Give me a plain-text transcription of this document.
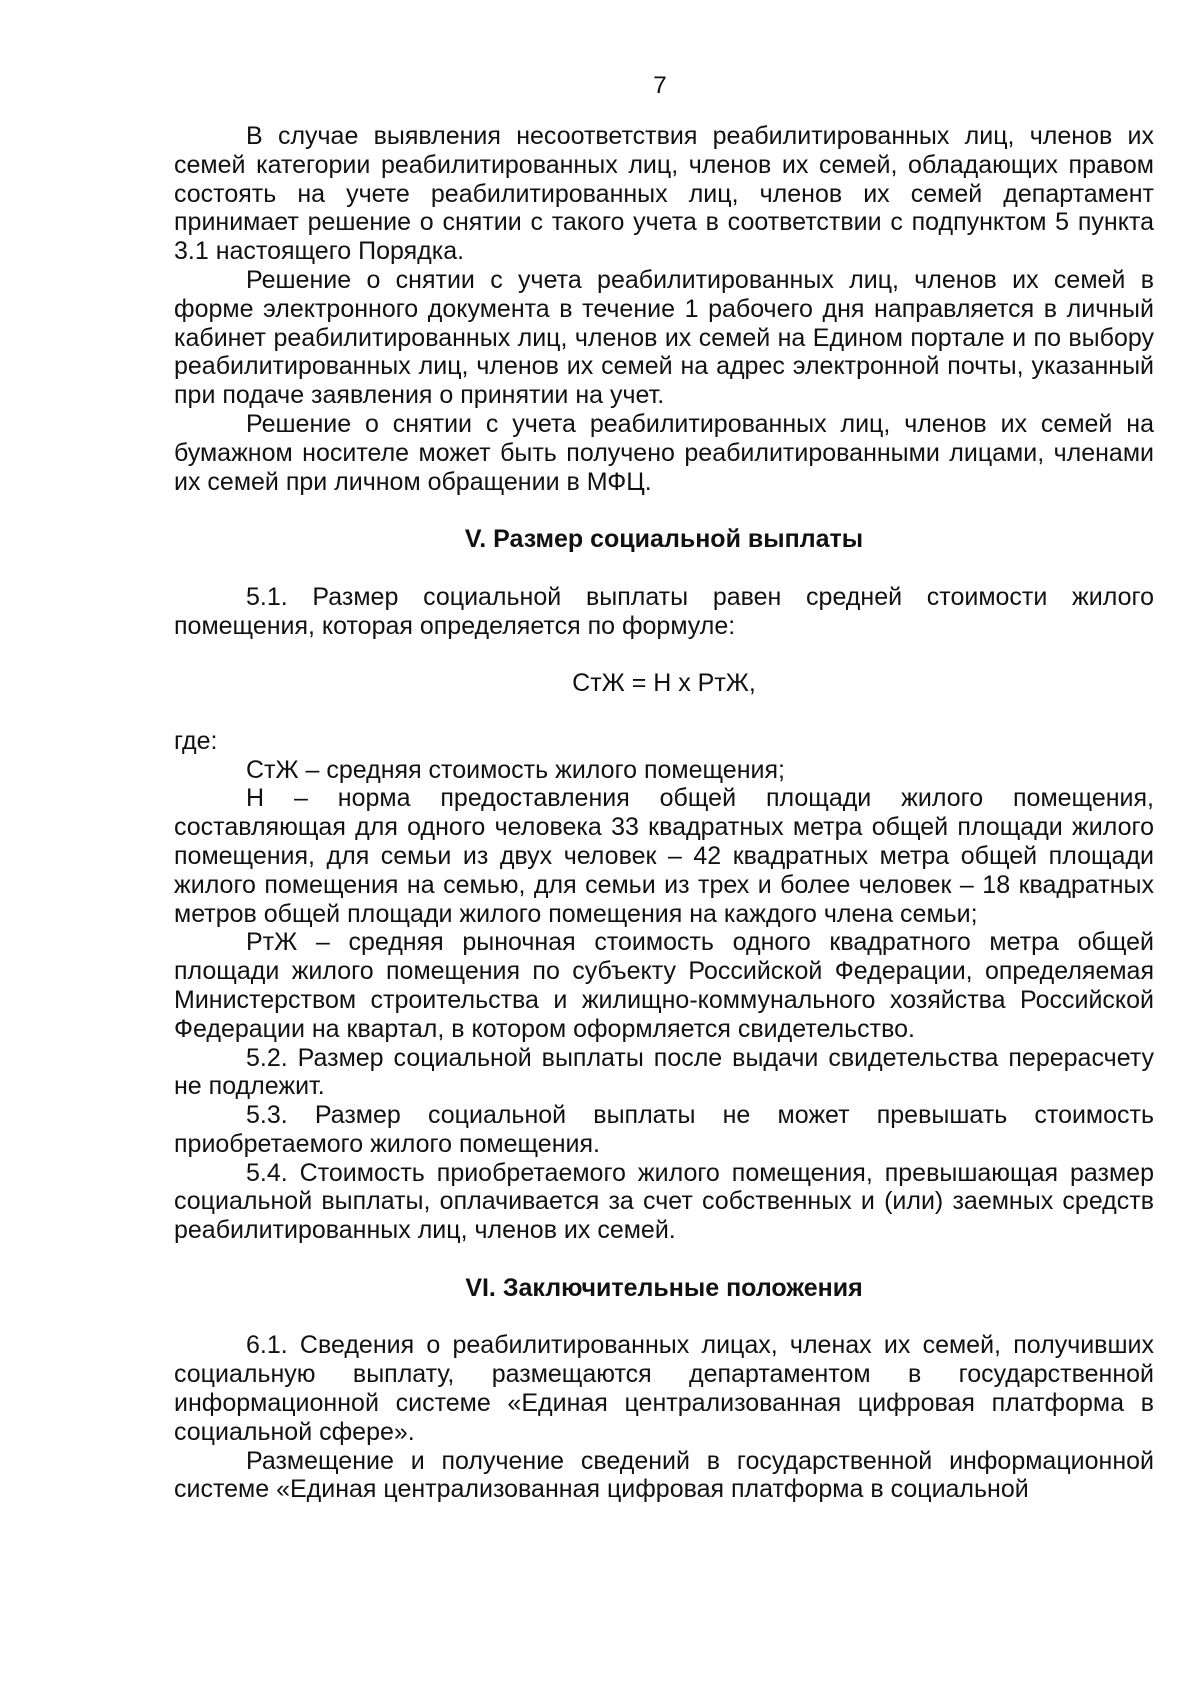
7

В случае выявления несоответствия реабилитированных лиц, членов их семей категории реабилитированных лиц, членов их семей, обладающих правом состоять на учете реабилитированных лиц, членов их семей департамент принимает решение о снятии с такого учета в соответствии с подпунктом 5 пункта 3.1 настоящего Порядка.

Решение о снятии с учета реабилитированных лиц, членов их семей в форме электронного документа в течение 1 рабочего дня направляется в личный кабинет реабилитированных лиц, членов их семей на Едином портале и по выбору реабилитированных лиц, членов их семей на адрес электронной почты, указанный при подаче заявления о принятии на учет.

Решение о снятии с учета реабилитированных лиц, членов их семей на бумажном носителе может быть получено реабилитированными лицами, членами их семей при личном обращении в МФЦ.

V. Размер социальной выплаты

5.1. Размер социальной выплаты равен средней стоимости жилого помещения, которая определяется по формуле:

СтЖ = Н x РтЖ,

где:

СтЖ – средняя стоимость жилого помещения;

Н – норма предоставления общей площади жилого помещения, составляющая для одного человека 33 квадратных метра общей площади жилого помещения, для семьи из двух человек – 42 квадратных метра общей площади жилого помещения на семью, для семьи из трех и более человек – 18 квадратных метров общей площади жилого помещения на каждого члена семьи;

РтЖ – средняя рыночная стоимость одного квадратного метра общей площади жилого помещения по субъекту Российской Федерации, определяемая Министерством строительства и жилищно-коммунального хозяйства Российской Федерации на квартал, в котором оформляется свидетельство.

5.2. Размер социальной выплаты после выдачи свидетельства перерасчету не подлежит.

5.3. Размер социальной выплаты не может превышать стоимость приобретаемого жилого помещения.

5.4. Стоимость приобретаемого жилого помещения, превышающая размер социальной выплаты, оплачивается за счет собственных и (или) заемных средств реабилитированных лиц, членов их семей.

VI. Заключительные положения

6.1. Сведения о реабилитированных лицах, членах их семей, получивших социальную выплату, размещаются департаментом в государственной информационной системе «Единая централизованная цифровая платформа в социальной сфере».

Размещение и получение сведений в государственной информационной системе «Единая централизованная цифровая платформа в социальной
